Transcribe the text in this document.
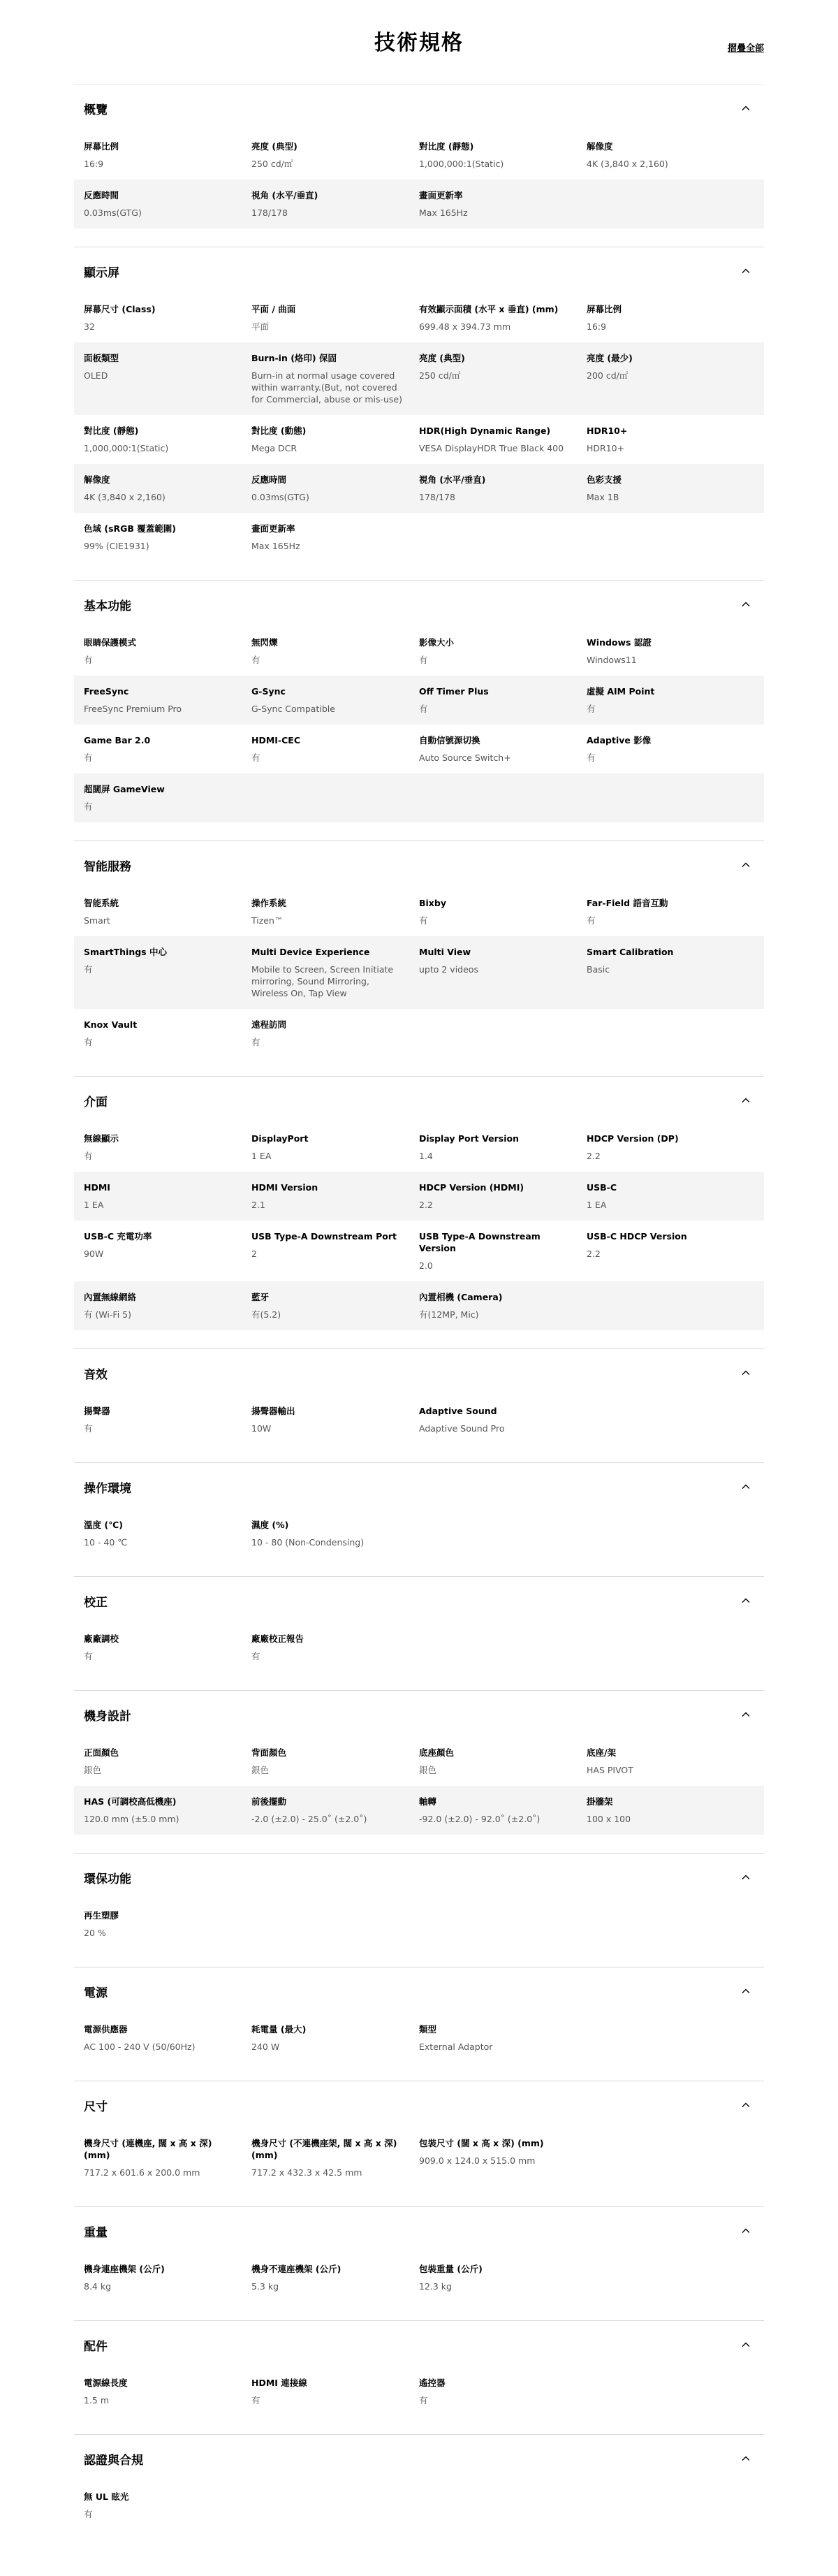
技術規格	摺疊全部
概覽
屏幕比例
16:9
亮度 (典型)
250 cd/㎡
對比度 (靜態)
1,000,000:1(Static)
解像度
4K (3,840 x 2,160)
反應時間
0.03ms(GTG)
視角 (水平/垂直)
178/178
畫面更新率
Max 165Hz
顯示屏
屏幕尺寸 (Class)
32
平面 / 曲面
平面
有效顯示面積 (水平 x 垂直) (mm)
699.48 x 394.73 mm
屏幕比例
16:9
面板類型
OLED
Burn-in (烙印) 保固
Burn-in at normal usage covered
within warranty.(But, not covered
for Commercial, abuse or mis-use)
亮度 (典型)
250 cd/㎡
亮度 (最少)
200 cd/㎡
對比度 (靜態)
1,000,000:1(Static)
對比度 (動態)
Mega DCR
HDR(High Dynamic Range)
VESA DisplayHDR True Black 400
HDR10+
HDR10+
解像度
4K (3,840 x 2,160)
反應時間
0.03ms(GTG)
視角 (水平/垂直)
178/178
色彩支援
Max 1B
色域 (sRGB 覆蓋範圍)
99% (CIE1931)
畫面更新率
Max 165Hz
基本功能
眼睛保護模式
有
無閃爍
有
影像大小
有
Windows 認證
Windows11
FreeSync
FreeSync Premium Pro
G-Sync
G-Sync Compatible
Off Timer Plus
有
虛擬 AIM Point
有
Game Bar 2.0
有
HDMI-CEC
有
自動信號源切換
Auto Source Switch+
Adaptive 影像
有
超闊屏 GameView
有
智能服務
智能系統
Smart
操作系統
Tizen™
Bixby
有
Far-Field 語音互動
有
SmartThings 中心
有
Multi Device Experience
Mobile to Screen, Screen Initiate
mirroring, Sound Mirroring,
Wireless On, Tap View
Multi View
upto 2 videos
Smart Calibration
Basic
Knox Vault
有
遠程訪問
有
介面
無線顯示
有
DisplayPort
1 EA
Display Port Version
1.4
HDCP Version (DP)
2.2
HDMI
1 EA
HDMI Version
2.1
HDCP Version (HDMI)
2.2
USB-C
1 EA
USB-C 充電功率
90W
USB Type-A Downstream Port
2
USB Type-A Downstream Version
2.0
USB-C HDCP Version
2.2
內置無線網絡
有 (Wi-Fi 5)
藍牙
有(5.2)
內置相機 (Camera)
有(12MP, Mic)
音效
揚聲器
有
揚聲器輸出
10W
Adaptive Sound
Adaptive Sound Pro
操作環境
溫度 (℃)
10 - 40 ℃
濕度 (%)
10 - 80 (Non-Condensing)
校正
廠廠調校
有
廠廠校正報告
有
機身設計
正面顏色
銀色
背面顏色
銀色
底座顏色
銀色
底座/架
HAS PIVOT
HAS (可調校高低機座)
120.0 mm (±5.0 mm)
前後擺動
-2.0 (±2.0) - 25.0˚ (±2.0˚)
軸轉
-92.0 (±2.0) - 92.0˚ (±2.0˚)
掛牆架
100 x 100
環保功能
再生塑膠
20 %
電源
電源供應器
AC 100 - 240 V (50/60Hz)
耗電量 (最大)
240 W
類型
External Adaptor
尺寸
機身尺寸 (連機座, 闊 x 高 x 深) (mm)
717.2 x 601.6 x 200.0 mm
機身尺寸 (不連機座架, 闊 x 高 x 深)
(mm)
717.2 x 432.3 x 42.5 mm
包裝尺寸 (闊 x 高 x 深) (mm)
909.0 x 124.0 x 515.0 mm
重量
機身連座機架 (公斤)
8.4 kg
機身不連座機架 (公斤)
5.3 kg
包裝重量 (公斤)
12.3 kg
配件
電源線長度
1.5 m
HDMI 連接線
有
遙控器
有
認證與合規
無 UL 眩光
有
